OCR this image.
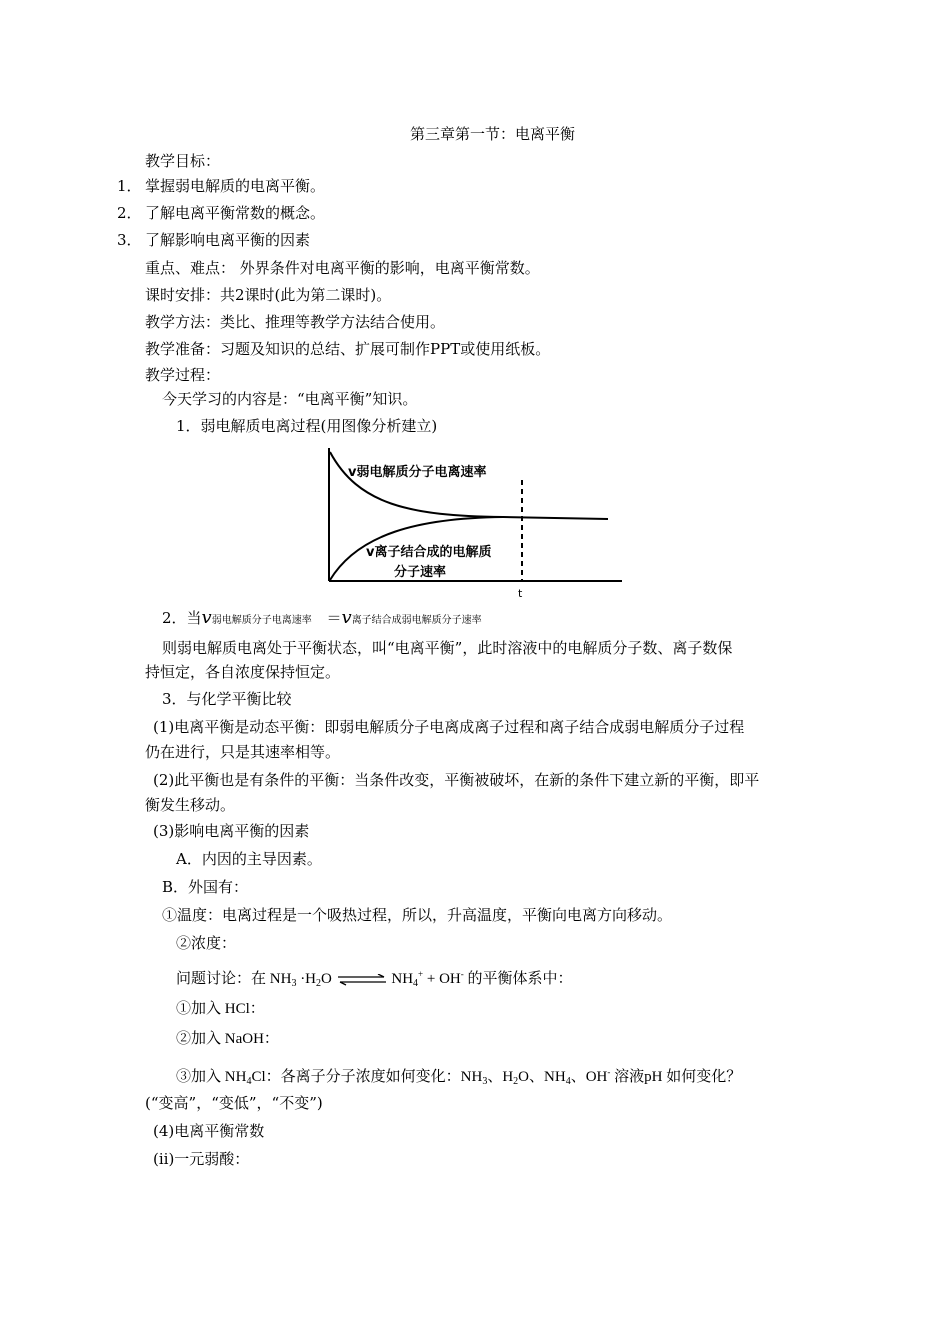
第三章第一节：电离平衡
教学目标：
1． 掌握弱电解质的电离平衡。
2． 了解电离平衡常数的概念。
3． 了解影响电离平衡的因素
重点、难点： 外界条件对电离平衡的影响，电离平衡常数。
课时安排：共2课时(此为第二课时)。
教学方法：类比、推理等教学方法结合使用。
教学准备：习题及知识的总结、扩展可制作PPT或使用纸板。
教学过程：
今天学习的内容是：“电离平衡”知识。
1．弱电解质电离过程(用图像分析建立)
v弱电解质分子电离速率
v离子结合成的电解质
分子速率
t
2．当v弱电解质分子电离速率 ＝v离子结合成弱电解质分子速率
则弱电解质电离处于平衡状态，叫“电离平衡”，此时溶液中的电解质分子数、离子数保
持恒定，各自浓度保持恒定。
3．与化学平衡比较
(1)电离平衡是动态平衡：即弱电解质分子电离成离子过程和离子结合成弱电解质分子过程
仍在进行，只是其速率相等。
(2)此平衡也是有条件的平衡：当条件改变，平衡被破坏，在新的条件下建立新的平衡，即平
衡发生移动。
(3)影响电离平衡的因素
A．内因的主导因素。
B．外国有：
①温度：电离过程是一个吸热过程，所以，升高温度，平衡向电离方向移动。
②浓度：
问题讨论：在 $NH_3 \cdot H_2O$ ⇌ $NH_4^+ + OH^-$ 的平衡体系中：
①加入 HCl：
②加入 NaOH：
③加入 $NH_4Cl$：各离子分子浓度如何变化：$NH_3$、$H_2O$、$NH_4$、OH- 溶液pH 如何变化？
(“变高”，“变低”，“不变”)
(4)电离平衡常数
(ⅱ)一元弱酸：
